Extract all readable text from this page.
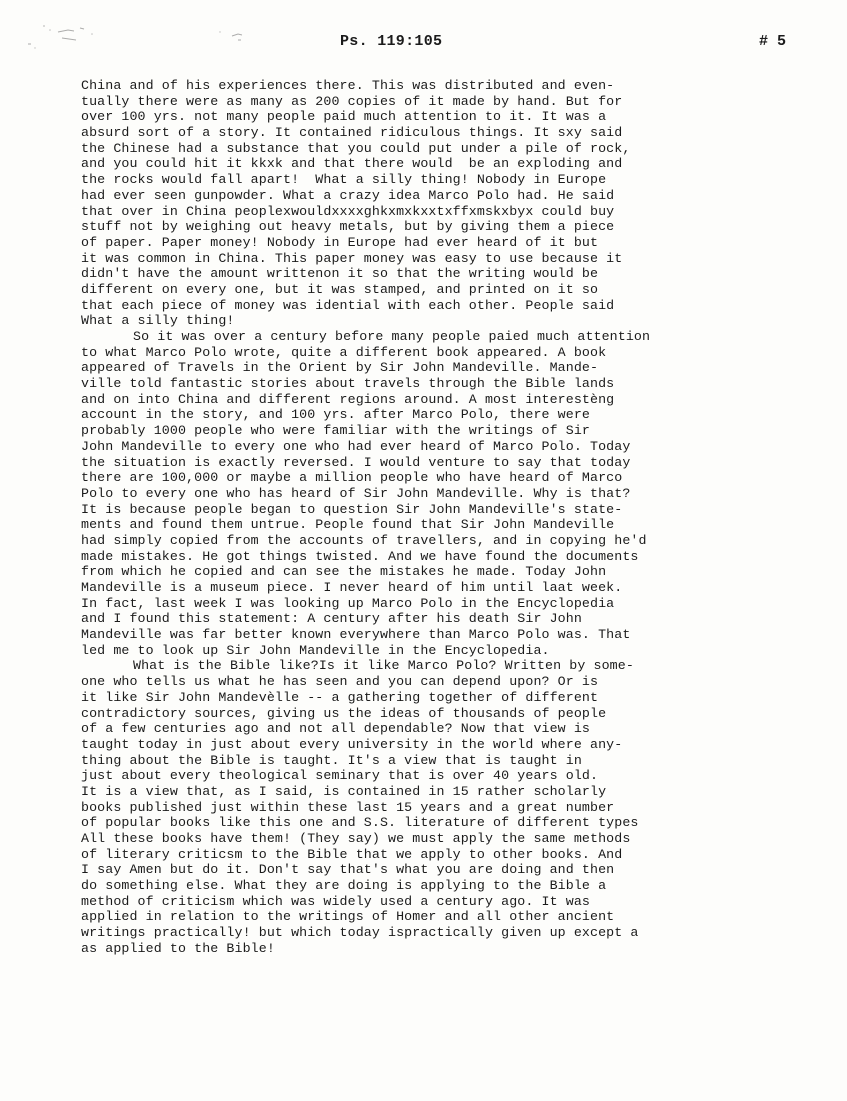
Ps. 119:105	# 5
China and of his experiences there. This was distributed and even-
tually there were as many as 200 copies of it made by hand. But for
over 100 yrs. not many people paid much attention to it. It was a
absurd sort of a story. It contained ridiculous things. It sxy said
the Chinese had a substance that you could put under a pile of rock,
and you could hit it kkxk and that there would  be an exploding and
the rocks would fall apart!  What a silly thing! Nobody in Europe
had ever seen gunpowder. What a crazy idea Marco Polo had. He said
that over in China peoplexwouldxxxxghkxmxkxxtxffxmskxbyx could buy
stuff not by weighing out heavy metals, but by giving them a piece
of paper. Paper money! Nobody in Europe had ever heard of it but
it was common in China. This paper money was easy to use because it
didn't have the amount writtenon it so that the writing would be
different on every one, but it was stamped, and printed on it so
that each piece of money was idential with each other. People said
What a silly thing!
So it was over a century before many people paied much attention
to what Marco Polo wrote, quite a different book appeared. A book
appeared of Travels in the Orient by Sir John Mandeville. Mande-
ville told fantastic stories about travels through the Bible lands
and on into China and different regions around. A most interestèng
account in the story, and 100 yrs. after Marco Polo, there were
probably 1000 people who were familiar with the writings of Sir
John Mandeville to every one who had ever heard of Marco Polo. Today
the situation is exactly reversed. I would venture to say that today
there are 100,000 or maybe a million people who have heard of Marco
Polo to every one who has heard of Sir John Mandeville. Why is that?
It is because people began to question Sir John Mandeville's state-
ments and found them untrue. People found that Sir John Mandeville
had simply copied from the accounts of travellers, and in copying he'd
made mistakes. He got things twisted. And we have found the documents
from which he copied and can see the mistakes he made. Today John
Mandeville is a museum piece. I never heard of him until laat week.
In fact, last week I was looking up Marco Polo in the Encyclopedia
and I found this statement: A century after his death Sir John
Mandeville was far better known everywhere than Marco Polo was. That
led me to look up Sir John Mandeville in the Encyclopedia.
What is the Bible like?Is it like Marco Polo? Written by some-
one who tells us what he has seen and you can depend upon? Or is
it like Sir John Mandevèlle -- a gathering together of different
contradictory sources, giving us the ideas of thousands of people
of a few centuries ago and not all dependable? Now that view is
taught today in just about every university in the world where any-
thing about the Bible is taught. It's a view that is taught in
just about every theological seminary that is over 40 years old.
It is a view that, as I said, is contained in 15 rather scholarly
books published just within these last 15 years and a great number
of popular books like this one and S.S. literature of different types
All these books have them! (They say) we must apply the same methods
of literary criticsm to the Bible that we apply to other books. And
I say Amen but do it. Don't say that's what you are doing and then
do something else. What they are doing is applying to the Bible a
method of criticism which was widely used a century ago. It was
applied in relation to the writings of Homer and all other ancient
writings practically! but which today ispractically given up except a
as applied to the Bible!
